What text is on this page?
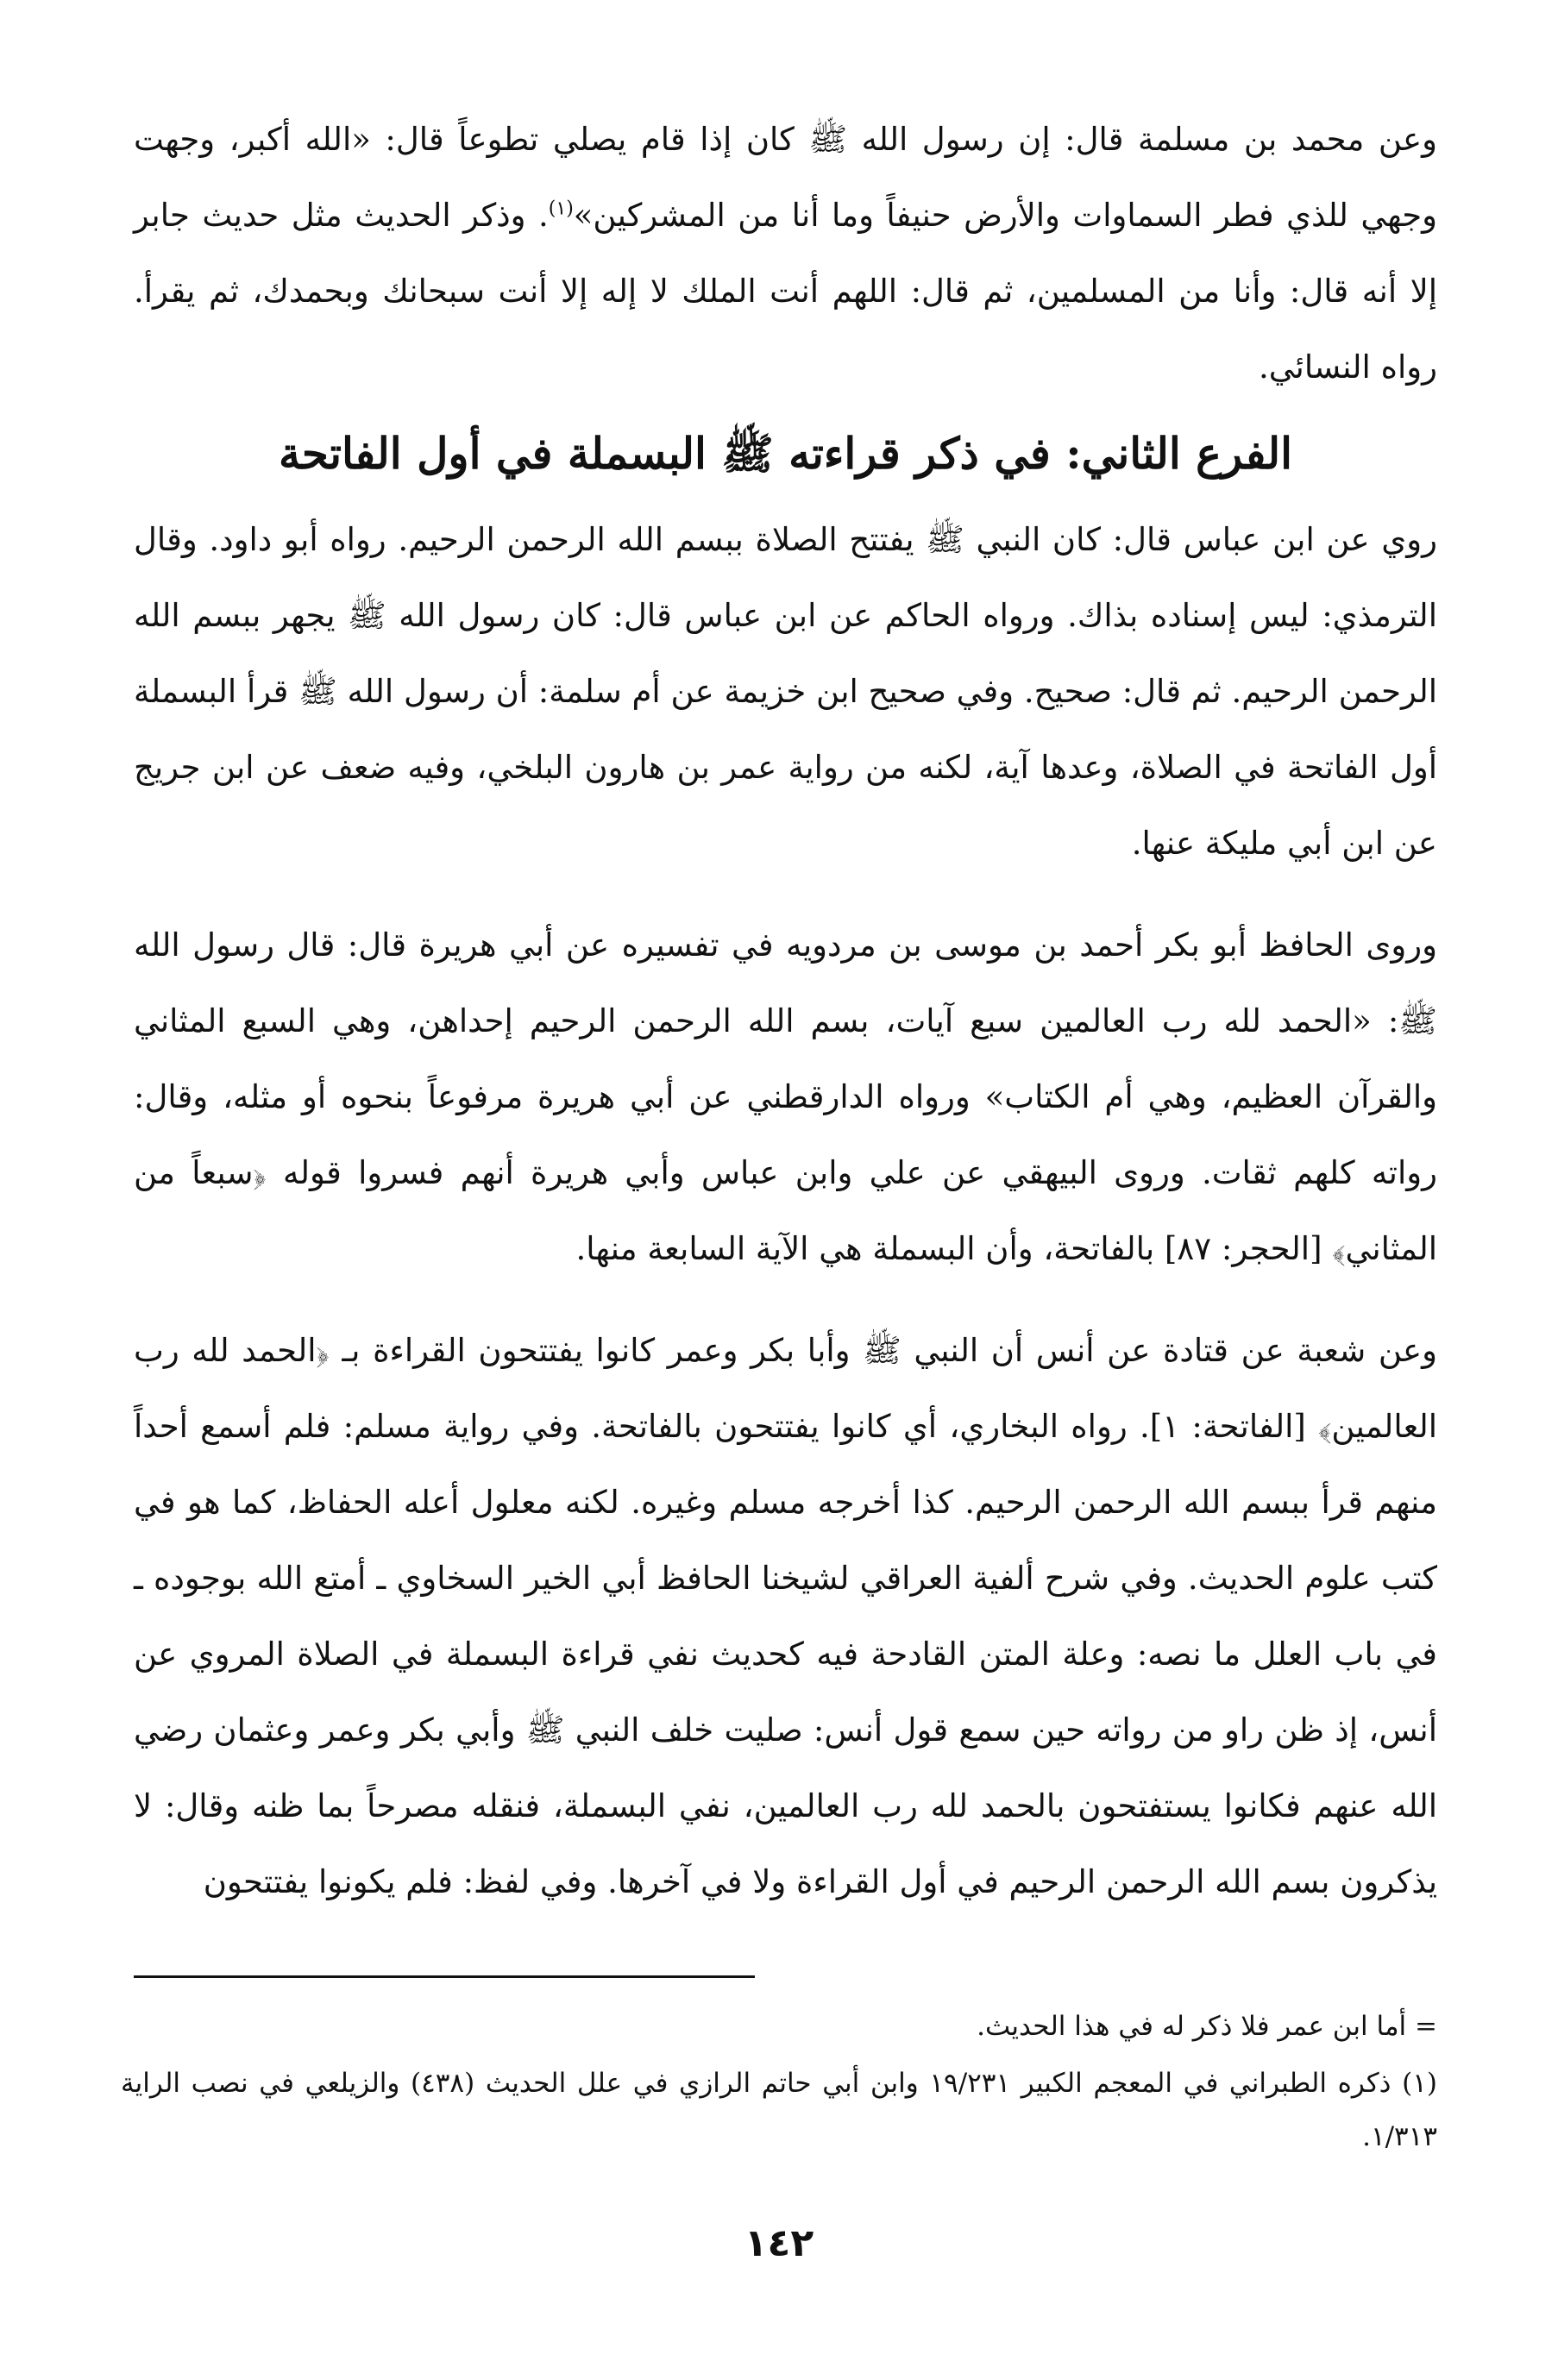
وعن محمد بن مسلمة قال: إن رسول الله ﷺ كان إذا قام يصلي تطوعاً قال: «الله أكبر، وجهت وجهي للذي فطر السماوات والأرض حنيفاً وما أنا من المشركين»$^{(١)}$. وذكر الحديث مثل حديث جابر إلا أنه قال: وأنا من المسلمين، ثم قال: اللهم أنت الملك لا إله إلا أنت سبحانك وبحمدك، ثم يقرأ. رواه النسائي.

الفرع الثاني: في ذكر قراءته ﷺ البسملة في أول الفاتحة

روي عن ابن عباس قال: كان النبي ﷺ يفتتح الصلاة ببسم الله الرحمن الرحيم. رواه أبو داود. وقال الترمذي: ليس إسناده بذاك. ورواه الحاكم عن ابن عباس قال: كان رسول الله ﷺ يجهر ببسم الله الرحمن الرحيم. ثم قال: صحيح. وفي صحيح ابن خزيمة عن أم سلمة: أن رسول الله ﷺ قرأ البسملة أول الفاتحة في الصلاة، وعدها آية، لكنه من رواية عمر بن هارون البلخي، وفيه ضعف عن ابن جريج عن ابن أبي مليكة عنها.

وروى الحافظ أبو بكر أحمد بن موسى بن مردويه في تفسيره عن أبي هريرة قال: قال رسول الله ﷺ: «الحمد لله رب العالمين سبع آيات، بسم الله الرحمن الرحيم إحداهن، وهي السبع المثاني والقرآن العظيم، وهي أم الكتاب» ورواه الدارقطني عن أبي هريرة مرفوعاً بنحوه أو مثله، وقال: رواته كلهم ثقات. وروى البيهقي عن علي وابن عباس وأبي هريرة أنهم فسروا قوله ﴿سبعاً من المثاني﴾ [الحجر: ٨٧] بالفاتحة، وأن البسملة هي الآية السابعة منها.

وعن شعبة عن قتادة عن أنس أن النبي ﷺ وأبا بكر وعمر كانوا يفتتحون القراءة بـ ﴿الحمد لله رب العالمين﴾ [الفاتحة: ١]. رواه البخاري، أي كانوا يفتتحون بالفاتحة. وفي رواية مسلم: فلم أسمع أحداً منهم قرأ ببسم الله الرحمن الرحيم. كذا أخرجه مسلم وغيره. لكنه معلول أعله الحفاظ، كما هو في كتب علوم الحديث. وفي شرح ألفية العراقي لشيخنا الحافظ أبي الخير السخاوي ـ أمتع الله بوجوده ـ في باب العلل ما نصه: وعلة المتن القادحة فيه كحديث نفي قراءة البسملة في الصلاة المروي عن أنس، إذ ظن راو من رواته حين سمع قول أنس: صليت خلف النبي ﷺ وأبي بكر وعمر وعثمان رضي الله عنهم فكانوا يستفتحون بالحمد لله رب العالمين، نفي البسملة، فنقله مصرحاً بما ظنه وقال: لا يذكرون بسم الله الرحمن الرحيم في أول القراءة ولا في آخرها. وفي لفظ: فلم يكونوا يفتتحون

= أما ابن عمر فلا ذكر له في هذا الحديث.

(١) ذكره الطبراني في المعجم الكبير ١٩/٢٣١ وابن أبي حاتم الرازي في علل الحديث (٤٣٨) والزيلعي في نصب الراية ١/٣١٣.

١٤٢
